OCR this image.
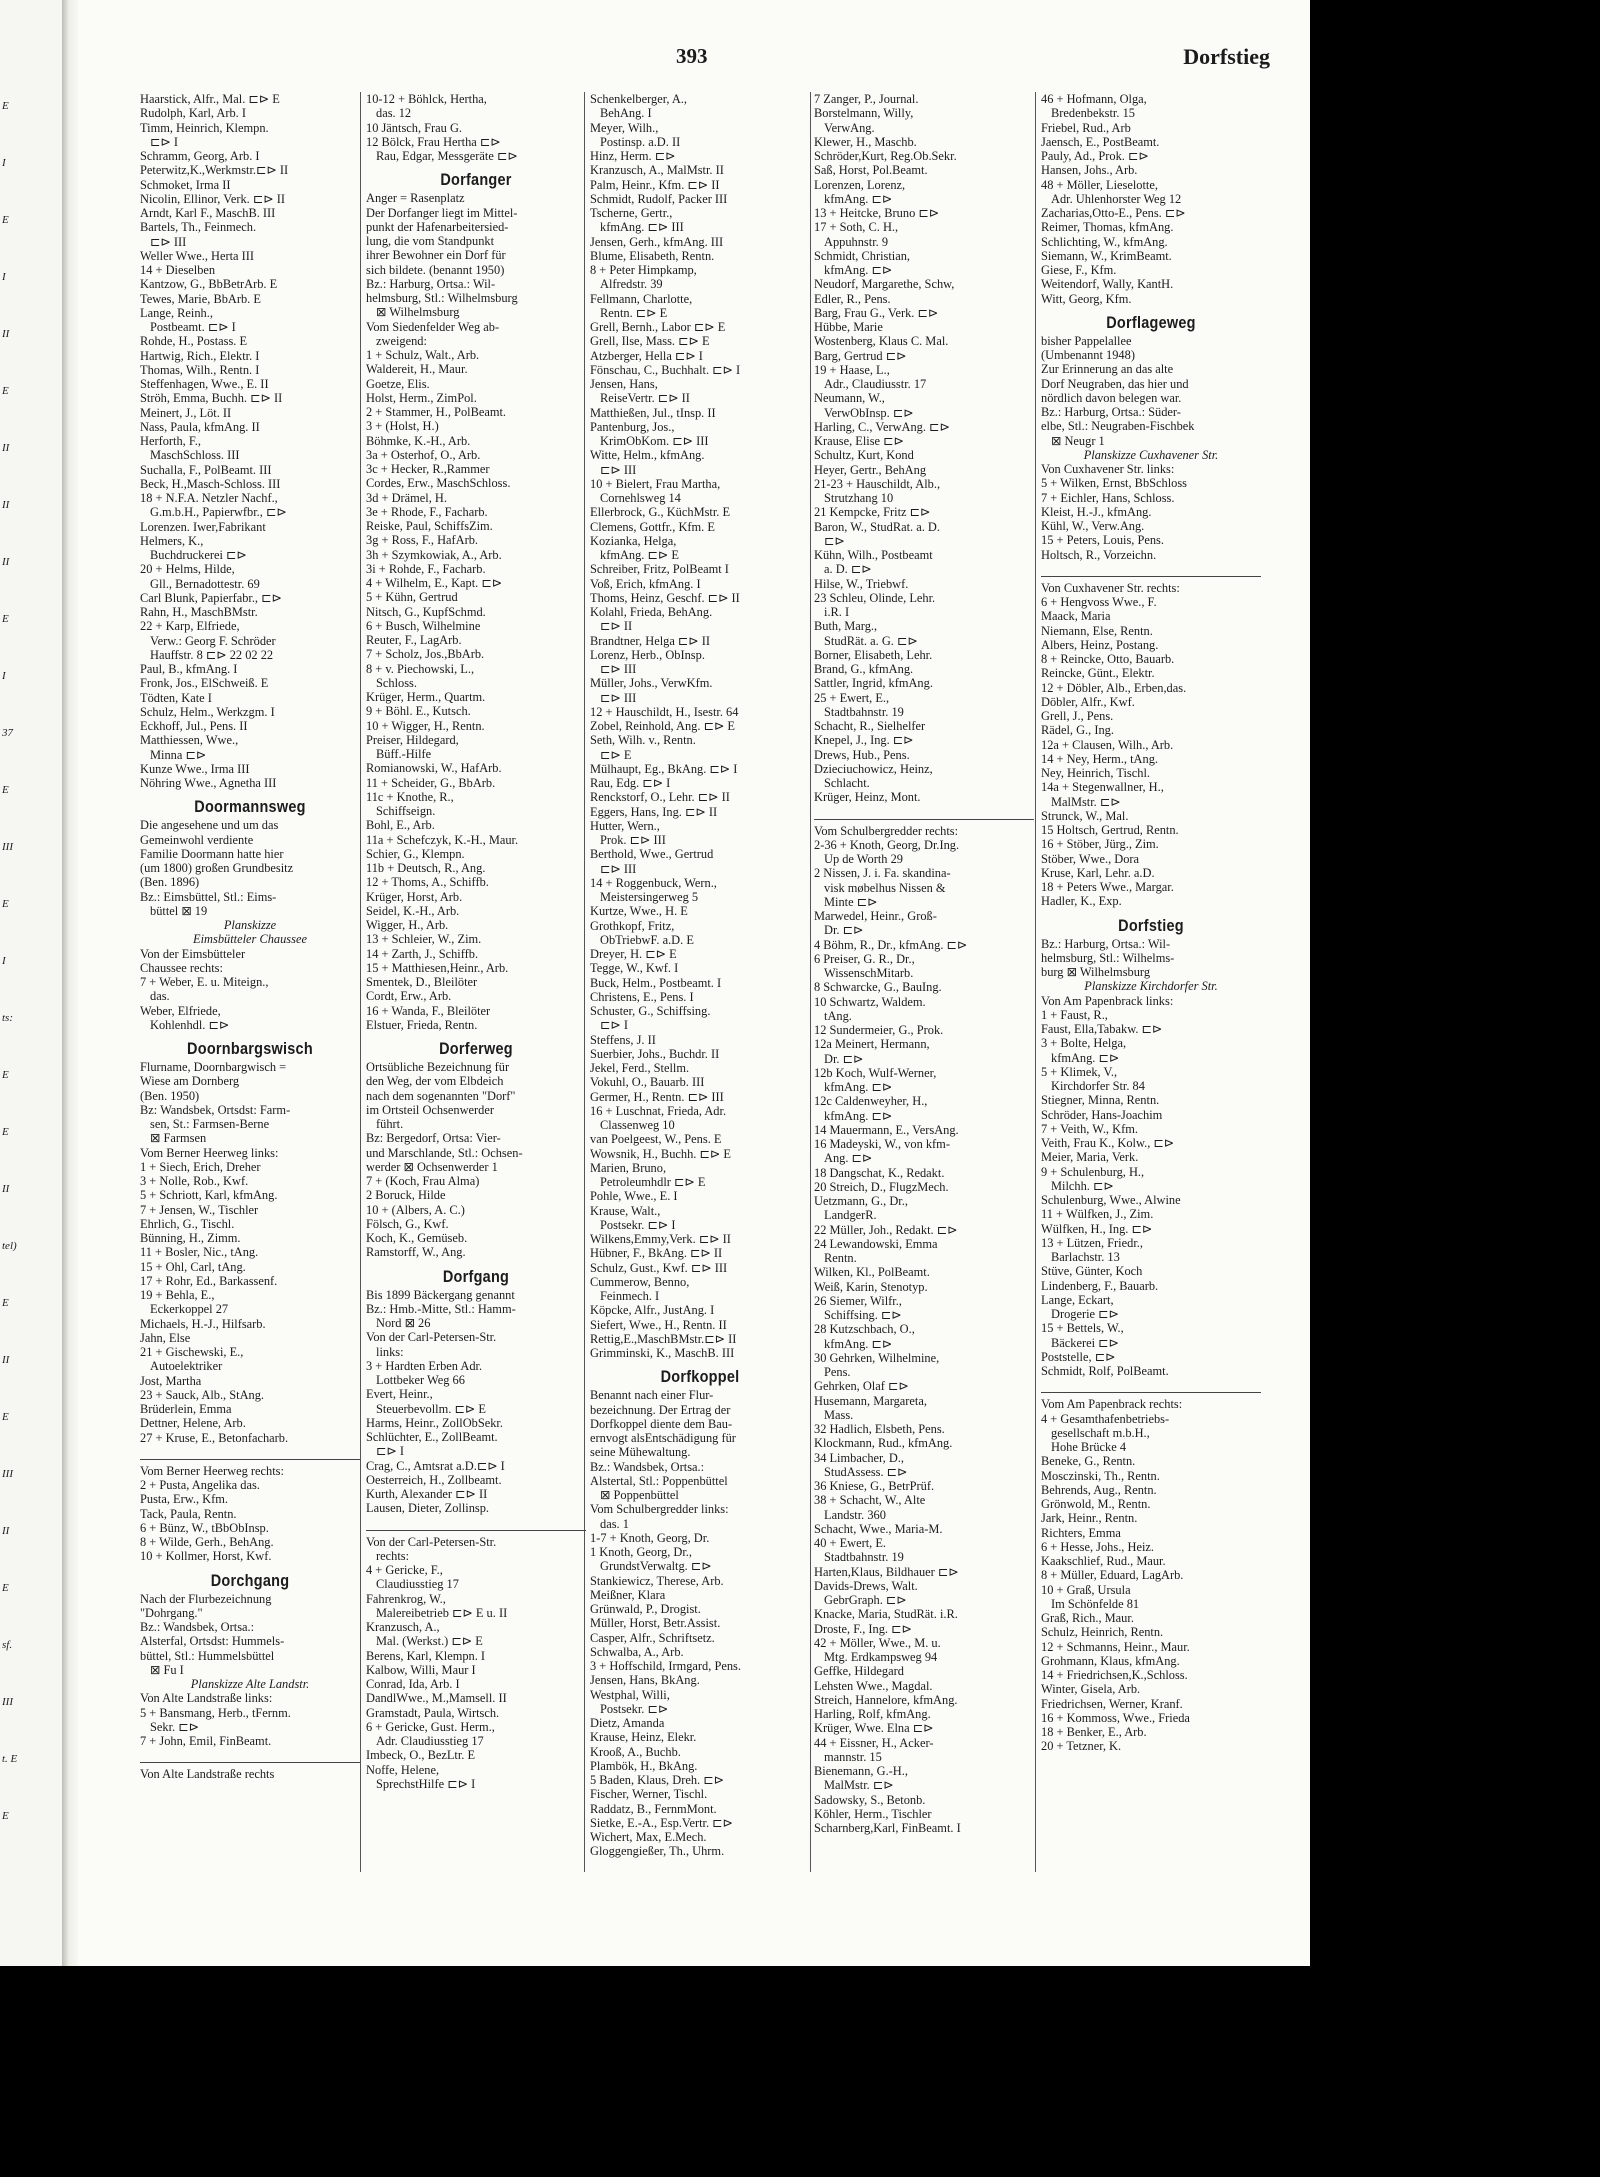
393	Dorfstieg
Haarstick, Alfr., Mal. ⊏⊳ E
Rudolph, Karl, Arb. I
Timm, Heinrich, Klempn.
⊏⊳ I
Schramm, Georg, Arb. I
Peterwitz,K.,Werkmstr.⊏⊳ II
Schmoket, Irma II
Nicolin, Ellinor, Verk. ⊏⊳ II
Arndt, Karl F., MaschB. III
Bartels, Th., Feinmech.
⊏⊳ III
Weller Wwe., Herta III
14 + Dieselben
Kantzow, G., BbBetrArb. E
Tewes, Marie, BbArb. E
Lange, Reinh.,
Postbeamt. ⊏⊳ I
Rohde, H., Postass. E
Hartwig, Rich., Elektr. I
Thomas, Wilh., Rentn. I
Steffenhagen, Wwe., E. II
Ströh, Emma, Buchh. ⊏⊳ II
Meinert, J., Löt. II
Nass, Paula, kfmAng. II
Herforth, F.,
MaschSchloss. III
Suchalla, F., PolBeamt. III
Beck, H.,Masch-Schloss. III
18 + N.F.A. Netzler Nachf.,
G.m.b.H., Papierwfbr., ⊏⊳
Lorenzen. Iwer,Fabrikant
Helmers, K.,
Buchdruckerei ⊏⊳
20 + Helms, Hilde,
Gll., Bernadottestr. 69
Carl Blunk, Papierfabr., ⊏⊳
Rahn, H., MaschBMstr.
22 + Karp, Elfriede,
Verw.: Georg F. Schröder
Hauffstr. 8 ⊏⊳ 22 02 22
Paul, B., kfmAng. I
Fronk, Jos., ElSchweiß. E
Tödten, Kate I
Schulz, Helm., Werkzgm. I
Eckhoff, Jul., Pens. II
Matthiessen, Wwe.,
Minna ⊏⊳
Kunze Wwe., Irma III
Nöhring Wwe., Agnetha III
Doormannsweg
Die angesehene und um das
Gemeinwohl verdiente
Familie Doormann hatte hier
(um 1800) großen Grundbesitz
(Ben. 1896)
Bz.: Eimsbüttel, Stl.: Eims-
büttel ⊠ 19
Planskizze
Eimsbütteler Chaussee
Von der Eimsbütteler
Chaussee rechts:
7 + Weber, E. u. Miteign.,
das.
Weber, Elfriede,
Kohlenhdl. ⊏⊳
Doornbargswisch
Flurname, Doornbargwisch =
Wiese am Dornberg
(Ben. 1950)
Bz: Wandsbek, Ortsdst: Farm-
sen, St.: Farmsen-Berne
⊠ Farmsen
Vom Berner Heerweg links:
1 + Siech, Erich, Dreher
3 + Nolle, Rob., Kwf.
5 + Schriott, Karl, kfmAng.
7 + Jensen, W., Tischler
Ehrlich, G., Tischl.
Bünning, H., Zimm.
11 + Bosler, Nic., tAng.
15 + Ohl, Carl, tAng.
17 + Rohr, Ed., Barkassenf.
19 + Behla, E.,
Eckerkoppel 27
Michaels, H.-J., Hilfsarb.
Jahn, Else
21 + Gischewski, E.,
Autoelektriker
Jost, Martha
23 + Sauck, Alb., StAng.
Brüderlein, Emma
Dettner, Helene, Arb.
27 + Kruse, E., Betonfacharb.
Vom Berner Heerweg rechts:
2 + Pusta, Angelika das.
Pusta, Erw., Kfm.
Tack, Paula, Rentn.
6 + Bünz, W., tBbObInsp.
8 + Wilde, Gerh., BehAng.
10 + Kollmer, Horst, Kwf.
Dorchgang
Nach der Flurbezeichnung
"Dohrgang."
Bz.: Wandsbek, Ortsa.:
Alsterfal, Ortsdst: Hummels-
büttel, Stl.: Hummelsbüttel
⊠ Fu I
Planskizze Alte Landstr.
Von Alte Landstraße links:
5 + Bansmang, Herb., tFernm.
Sekr. ⊏⊳
7 + John, Emil, FinBeamt.
Von Alte Landstraße rechts
10-12 + Böhlck, Hertha,
das. 12
10 Jäntsch, Frau G.
12 Bölck, Frau Hertha ⊏⊳
Rau, Edgar, Messgeräte ⊏⊳
Dorfanger
Anger = Rasenplatz
Der Dorfanger liegt im Mittel-
punkt der Hafenarbeitersied-
lung, die vom Standpunkt
ihrer Bewohner ein Dorf für
sich bildete. (benannt 1950)
Bz.: Harburg, Ortsa.: Wil-
helmsburg, Stl.: Wilhelmsburg
⊠ Wilhelmsburg
Vom Siedenfelder Weg ab-
zweigend:
1 + Schulz, Walt., Arb.
Waldereit, H., Maur.
Goetze, Elis.
Holst, Herm., ZimPol.
2 + Stammer, H., PolBeamt.
3 + (Holst, H.)
Böhmke, K.-H., Arb.
3a + Osterhof, O., Arb.
3c + Hecker, R.,Rammer
Cordes, Erw., MaschSchloss.
3d + Drämel, H.
3e + Rhode, F., Facharb.
Reiske, Paul, SchiffsZim.
3g + Ross, F., HafArb.
3h + Szymkowiak, A., Arb.
3i + Rohde, F., Facharb.
4 + Wilhelm, E., Kapt. ⊏⊳
5 + Kühn, Gertrud
Nitsch, G., KupfSchmd.
6 + Busch, Wilhelmine
Reuter, F., LagArb.
7 + Scholz, Jos.,BbArb.
8 + v. Piechowski, L.,
Schloss.
Krüger, Herm., Quartm.
9 + Böhl. E., Kutsch.
10 + Wigger, H., Rentn.
Preiser, Hildegard,
Büff.-Hilfe
Romianowski, W., HafArb.
11 + Scheider, G., BbArb.
11c + Knothe, R.,
Schiffseign.
Bohl, E., Arb.
11a + Schefczyk, K.-H., Maur.
Schier, G., Klempn.
11b + Deutsch, R., Ang.
12 + Thoms, A., Schiffb.
Krüger, Horst, Arb.
Seidel, K.-H., Arb.
Wigger, H., Arb.
13 + Schleier, W., Zim.
14 + Zarth, J., Schiffb.
15 + Matthiesen,Heinr., Arb.
Smentek, D., Bleilöter
Cordt, Erw., Arb.
16 + Wanda, F., Bleilöter
Elstuer, Frieda, Rentn.
Dorferweg
Ortsübliche Bezeichnung für
den Weg, der vom Elbdeich
nach dem sogenannten "Dorf"
im Ortsteil Ochsenwerder
führt.
Bz: Bergedorf, Ortsa: Vier-
und Marschlande, Stl.: Ochsen-
werder ⊠ Ochsenwerder 1
7 + (Koch, Frau Alma)
2 Boruck, Hilde
10 + (Albers, A. C.)
Fölsch, G., Kwf.
Koch, K., Gemüseb.
Ramstorff, W., Ang.
Dorfgang
Bis 1899 Bäckergang genannt
Bz.: Hmb.-Mitte, Stl.: Hamm-
Nord ⊠ 26
Von der Carl-Petersen-Str.
links:
3 + Hardten Erben Adr.
Lottbeker Weg 66
Evert, Heinr.,
Steuerbevollm. ⊏⊳ E
Harms, Heinr., ZollObSekr.
Schlüchter, E., ZollBeamt.
⊏⊳ I
Crag, C., Amtsrat a.D.⊏⊳ I
Oesterreich, H., Zollbeamt.
Kurth, Alexander ⊏⊳ II
Lausen, Dieter, Zollinsp.
Von der Carl-Petersen-Str.
rechts:
4 + Gericke, F.,
Claudiusstieg 17
Fahrenkrog, W.,
Malereibetrieb ⊏⊳ E u. II
Kranzusch, A.,
Mal. (Werkst.) ⊏⊳ E
Berens, Karl, Klempn. I
Kalbow, Willi, Maur I
Conrad, Ida, Arb. I
DandlWwe., M.,Mamsell. II
Gramstadt, Paula, Wirtsch.
6 + Gericke, Gust. Herm.,
Adr. Claudiusstieg 17
Imbeck, O., BezLtr. E
Noffe, Helene,
SprechstHilfe ⊏⊳ I
Schenkelberger, A.,
BehAng. I
Meyer, Wilh.,
Postinsp. a.D. II
Hinz, Herm. ⊏⊳
Kranzusch, A., MalMstr. II
Palm, Heinr., Kfm. ⊏⊳ II
Schmidt, Rudolf, Packer III
Tscherne, Gertr.,
kfmAng. ⊏⊳ III
Jensen, Gerh., kfmAng. III
Blume, Elisabeth, Rentn.
8 + Peter Himpkamp,
Alfredstr. 39
Fellmann, Charlotte,
Rentn. ⊏⊳ E
Grell, Bernh., Labor ⊏⊳ E
Grell, Ilse, Mass. ⊏⊳ E
Atzberger, Hella ⊏⊳ I
Fönschau, C., Buchhalt. ⊏⊳ I
Jensen, Hans,
ReiseVertr. ⊏⊳ II
Matthießen, Jul., tInsp. II
Pantenburg, Jos.,
KrimObKom. ⊏⊳ III
Witte, Helm., kfmAng.
⊏⊳ III
10 + Bielert, Frau Martha,
Cornehlsweg 14
Ellerbrock, G., KüchMstr. E
Clemens, Gottfr., Kfm. E
Kozianka, Helga,
kfmAng. ⊏⊳ E
Schreiber, Fritz, PolBeamt I
Voß, Erich, kfmAng. I
Thoms, Heinz, Geschf. ⊏⊳ II
Kolahl, Frieda, BehAng.
⊏⊳ II
Brandtner, Helga ⊏⊳ II
Lorenz, Herb., ObInsp.
⊏⊳ III
Müller, Johs., VerwKfm.
⊏⊳ III
12 + Hauschildt, H., Isestr. 64
Zobel, Reinhold, Ang. ⊏⊳ E
Seth, Wilh. v., Rentn.
⊏⊳ E
Mülhaupt, Eg., BkAng. ⊏⊳ I
Rau, Edg. ⊏⊳ I
Renckstorf, O., Lehr. ⊏⊳ II
Eggers, Hans, Ing. ⊏⊳ II
Hutter, Wern.,
Prok. ⊏⊳ III
Berthold, Wwe., Gertrud
⊏⊳ III
14 + Roggenbuck, Wern.,
Meistersingerweg 5
Kurtze, Wwe., H. E
Grothkopf, Fritz,
ObTriebwF. a.D. E
Dreyer, H. ⊏⊳ E
Tegge, W., Kwf. I
Buck, Helm., Postbeamt. I
Christens, E., Pens. I
Schuster, G., Schiffsing.
⊏⊳ I
Steffens, J. II
Suerbier, Johs., Buchdr. II
Jekel, Ferd., Stellm.
Vokuhl, O., Bauarb. III
Germer, H., Rentn. ⊏⊳ III
16 + Luschnat, Frieda, Adr.
Classenweg 10
van Poelgeest, W., Pens. E
Wowsnik, H., Buchh. ⊏⊳ E
Marien, Bruno,
Petroleumhdlr ⊏⊳ E
Pohle, Wwe., E. I
Krause, Walt.,
Postsekr. ⊏⊳ I
Wilkens,Emmy,Verk. ⊏⊳ II
Hübner, F., BkAng. ⊏⊳ II
Schulz, Gust., Kwf. ⊏⊳ III
Cummerow, Benno,
Feinmech. I
Köpcke, Alfr., JustAng. I
Siefert, Wwe., H., Rentn. II
Rettig,E.,MaschBMstr.⊏⊳ II
Grimminski, K., MaschB. III
Dorfkoppel
Benannt nach einer Flur-
bezeichnung. Der Ertrag der
Dorfkoppel diente dem Bau-
ernvogt alsEntschädigung für
seine Mühewaltung.
Bz.: Wandsbek, Ortsa.:
Alstertal, Stl.: Poppenbüttel
⊠ Poppenbüttel
Vom Schulbergredder links:
das. 1
1-7 + Knoth, Georg, Dr.
1 Knoth, Georg, Dr.,
GrundstVerwaltg. ⊏⊳
Stankiewicz, Therese, Arb.
Meißner, Klara
Grünwald, P., Drogist.
Müller, Horst, Betr.Assist.
Casper, Alfr., Schriftsetz.
Schwalba, A., Arb.
3 + Hoffschild, Irmgard, Pens.
Jensen, Hans, BkAng.
Westphal, Willi,
Postsekr. ⊏⊳
Dietz, Amanda
Krause, Heinz, Elekr.
Krooß, A., Buchb.
Plambök, H., BkAng.
5 Baden, Klaus, Dreh. ⊏⊳
Fischer, Werner, Tischl.
Raddatz, B., FernmMont.
Sietke, E.-A., Esp.Vertr. ⊏⊳
Wichert, Max, E.Mech.
Gloggengießer, Th., Uhrm.
7 Zanger, P., Journal.
Borstelmann, Willy,
VerwAng.
Klewer, H., Maschb.
Schröder,Kurt, Reg.Ob.Sekr.
Saß, Horst, Pol.Beamt.
Lorenzen, Lorenz,
kfmAng. ⊏⊳
13 + Heitcke, Bruno ⊏⊳
17 + Soth, C. H.,
Appuhnstr. 9
Schmidt, Christian,
kfmAng. ⊏⊳
Neudorf, Margarethe, Schw,
Edler, R., Pens.
Barg, Frau G., Verk. ⊏⊳
Hübbe, Marie
Wostenberg, Klaus C. Mal.
Barg, Gertrud ⊏⊳
19 + Haase, L.,
Adr., Claudiusstr. 17
Neumann, W.,
VerwObInsp. ⊏⊳
Harling, C., VerwAng. ⊏⊳
Krause, Elise ⊏⊳
Schultz, Kurt, Kond
Heyer, Gertr., BehAng
21-23 + Hauschildt, Alb.,
Strutzhang 10
21 Kempcke, Fritz ⊏⊳
Baron, W., StudRat. a. D.
⊏⊳
Kühn, Wilh., Postbeamt
a. D. ⊏⊳
Hilse, W., Triebwf.
23 Schleu, Olinde, Lehr.
i.R. I
Buth, Marg.,
StudRät. a. G. ⊏⊳
Borner, Elisabeth, Lehr.
Brand, G., kfmAng.
Sattler, Ingrid, kfmAng.
25 + Ewert, E.,
Stadtbahnstr. 19
Schacht, R., Sielhelfer
Knepel, J., Ing. ⊏⊳
Drews, Hub., Pens.
Dzieciuchowicz, Heinz,
Schlacht.
Krüger, Heinz, Mont.
Vom Schulbergredder rechts:
2-36 + Knoth, Georg, Dr.Ing.
Up de Worth 29
2 Nissen, J. i. Fa. skandina-
visk møbelhus Nissen &
Minte ⊏⊳
Marwedel, Heinr., Groß-
Dr. ⊏⊳
4 Böhm, R., Dr., kfmAng. ⊏⊳
6 Preiser, G. R., Dr.,
WissenschMitarb.
8 Schwarcke, G., BauIng.
10 Schwartz, Waldem.
tAng.
12 Sundermeier, G., Prok.
12a Meinert, Hermann,
Dr. ⊏⊳
12b Koch, Wulf-Werner,
kfmAng. ⊏⊳
12c Caldenweyher, H.,
kfmAng. ⊏⊳
14 Mauermann, E., VersAng.
16 Madeyski, W., von kfm-
Ang. ⊏⊳
18 Dangschat, K., Redakt.
20 Streich, D., FlugzMech.
Uetzmann, G., Dr.,
LandgerR.
22 Müller, Joh., Redakt. ⊏⊳
24 Lewandowski, Emma
Rentn.
Wilken, Kl., PolBeamt.
Weiß, Karin, Stenotyp.
26 Siemer, Wilfr.,
Schiffsing. ⊏⊳
28 Kutzschbach, O.,
kfmAng. ⊏⊳
30 Gehrken, Wilhelmine,
Pens.
Gehrken, Olaf ⊏⊳
Husemann, Margareta,
Mass.
32 Hadlich, Elsbeth, Pens.
Klockmann, Rud., kfmAng.
34 Limbacher, D.,
StudAssess. ⊏⊳
36 Kniese, G., BetrPrüf.
38 + Schacht, W., Alte
Landstr. 360
Schacht, Wwe., Maria-M.
40 + Ewert, E.
Stadtbahnstr. 19
Harten,Klaus, Bildhauer ⊏⊳
Davids-Drews, Walt.
GebrGraph. ⊏⊳
Knacke, Maria, StudRät. i.R.
Droste, F., Ing. ⊏⊳
42 + Möller, Wwe., M. u.
Mtg. Erdkampsweg 94
Geffke, Hildegard
Lehsten Wwe., Magdal.
Streich, Hannelore, kfmAng.
Harling, Rolf, kfmAng.
Krüger, Wwe. Elna ⊏⊳
44 + Eissner, H., Acker-
mannstr. 15
Bienemann, G.-H.,
MalMstr. ⊏⊳
Sadowsky, S., Betonb.
Köhler, Herm., Tischler
Scharnberg,Karl, FinBeamt. I
46 + Hofmann, Olga,
Bredenbekstr. 15
Friebel, Rud., Arb
Jaensch, E., PostBeamt.
Pauly, Ad., Prok. ⊏⊳
Hansen, Johs., Arb.
48 + Möller, Lieselotte,
Adr. Uhlenhorster Weg 12
Zacharias,Otto-E., Pens. ⊏⊳
Reimer, Thomas, kfmAng.
Schlichting, W., kfmAng.
Siemann, W., KrimBeamt.
Giese, F., Kfm.
Weitendorf, Wally, KantH.
Witt, Georg, Kfm.
Dorflageweg
bisher Pappelallee
(Umbenannt 1948)
Zur Erinnerung an das alte
Dorf Neugraben, das hier und
nördlich davon belegen war.
Bz.: Harburg, Ortsa.: Süder-
elbe, Stl.: Neugraben-Fischbek
⊠ Neugr 1
Planskizze Cuxhavener Str.
Von Cuxhavener Str. links:
5 + Wilken, Ernst, BbSchloss
7 + Eichler, Hans, Schloss.
Kleist, H.-J., kfmAng.
Kühl, W., Verw.Ang.
15 + Peters, Louis, Pens.
Holtsch, R., Vorzeichn.
Von Cuxhavener Str. rechts:
6 + Hengvoss Wwe., F.
Maack, Maria
Niemann, Else, Rentn.
Albers, Heinz, Postang.
8 + Reincke, Otto, Bauarb.
Reincke, Günt., Elektr.
12 + Döbler, Alb., Erben,das.
Döbler, Alfr., Kwf.
Grell, J., Pens.
Rädel, G., Ing.
12a + Clausen, Wilh., Arb.
14 + Ney, Herm., tAng.
Ney, Heinrich, Tischl.
14a + Stegenwallner, H.,
MalMstr. ⊏⊳
Strunck, W., Mal.
15 Holtsch, Gertrud, Rentn.
16 + Stöber, Jürg., Zim.
Stöber, Wwe., Dora
Kruse, Karl, Lehr. a.D.
18 + Peters Wwe., Margar.
Hadler, K., Exp.
Dorfstieg
Bz.: Harburg, Ortsa.: Wil-
helmsburg, Stl.: Wilhelms-
burg ⊠ Wilhelmsburg
Planskizze Kirchdorfer Str.
Von Am Papenbrack links:
1 + Faust, R.,
Faust, Ella,Tabakw. ⊏⊳
3 + Bolte, Helga,
kfmAng. ⊏⊳
5 + Klimek, V.,
Kirchdorfer Str. 84
Stiegner, Minna, Rentn.
Schröder, Hans-Joachim
7 + Veith, W., Kfm.
Veith, Frau K., Kolw., ⊏⊳
Meier, Maria, Verk.
9 + Schulenburg, H.,
Milchh. ⊏⊳
Schulenburg, Wwe., Alwine
11 + Wülfken, J., Zim.
Wülfken, H., Ing. ⊏⊳
13 + Lützen, Friedr.,
Barlachstr. 13
Stüve, Günter, Koch
Lindenberg, F., Bauarb.
Lange, Eckart,
Drogerie ⊏⊳
15 + Bettels, W.,
Bäckerei ⊏⊳
Poststelle, ⊏⊳
Schmidt, Rolf, PolBeamt.
Vom Am Papenbrack rechts:
4 + Gesamthafenbetriebs-
gesellschaft m.b.H.,
Hohe Brücke 4
Beneke, G., Rentn.
Mosczinski, Th., Rentn.
Behrends, Aug., Rentn.
Grönwold, M., Rentn.
Jark, Heinr., Rentn.
Richters, Emma
6 + Hesse, Johs., Heiz.
Kaakschlief, Rud., Maur.
8 + Müller, Eduard, LagArb.
10 + Graß, Ursula
Im Schönfelde 81
Graß, Rich., Maur.
Schulz, Heinrich, Rentn.
12 + Schmanns, Heinr., Maur.
Grohmann, Klaus, kfmAng.
14 + Friedrichsen,K.,Schloss.
Winter, Gisela, Arb.
Friedrichsen, Werner, Kranf.
16 + Kommoss, Wwe., Frieda
18 + Benker, E., Arb.
20 + Tetzner, K.
E
I
E
I
II
E
II
II
II
E
I
37
E
III
E
I
ts:
E
E
II
tel)
E
II
E
III
II
E
sf.
III
t. E
E
